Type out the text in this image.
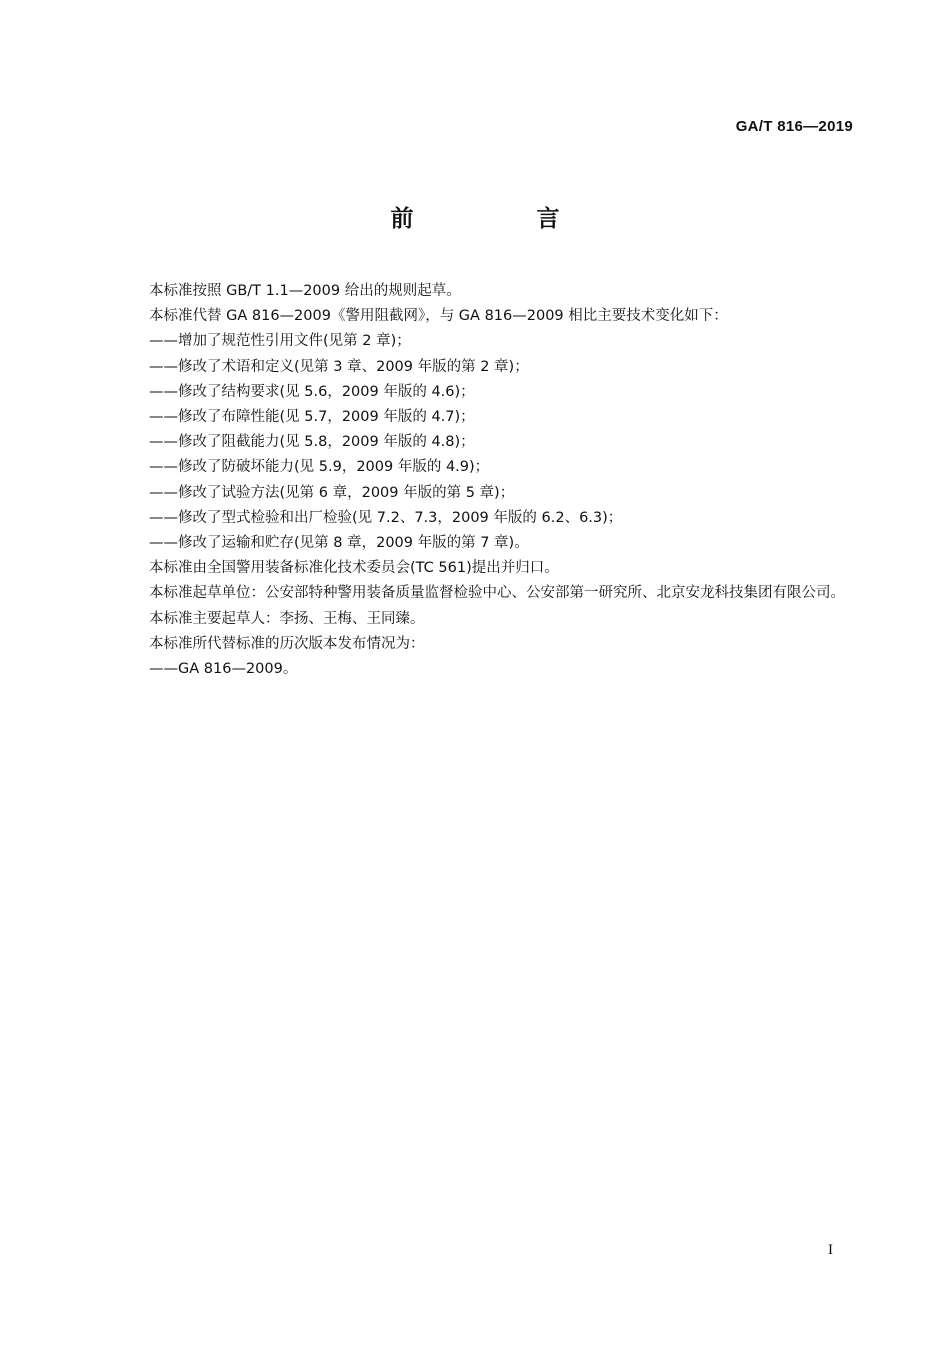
GA/T 816—2019
前　言

本标准按照 GB/T 1.1—2009 给出的规则起草。

本标准代替 GA 816—2009《警用阻截网》，与 GA 816—2009 相比主要技术变化如下：

——增加了规范性引用文件(见第 2 章)；

——修改了术语和定义(见第 3 章、2009 年版的第 2 章)；

——修改了结构要求(见 5.6，2009 年版的 4.6)；

——修改了布障性能(见 5.7，2009 年版的 4.7)；

——修改了阻截能力(见 5.8，2009 年版的 4.8)；

——修改了防破坏能力(见 5.9，2009 年版的 4.9)；

——修改了试验方法(见第 6 章，2009 年版的第 5 章)；

——修改了型式检验和出厂检验(见 7.2、7.3，2009 年版的 6.2、6.3)；

——修改了运输和贮存(见第 8 章，2009 年版的第 7 章)。

本标准由全国警用装备标准化技术委员会(TC 561)提出并归口。

本标准起草单位：公安部特种警用装备质量监督检验中心、公安部第一研究所、北京安龙科技集团有限公司。

本标准主要起草人：李扬、王梅、王同臻。

本标准所代替标准的历次版本发布情况为：

——GA 816—2009。

I
